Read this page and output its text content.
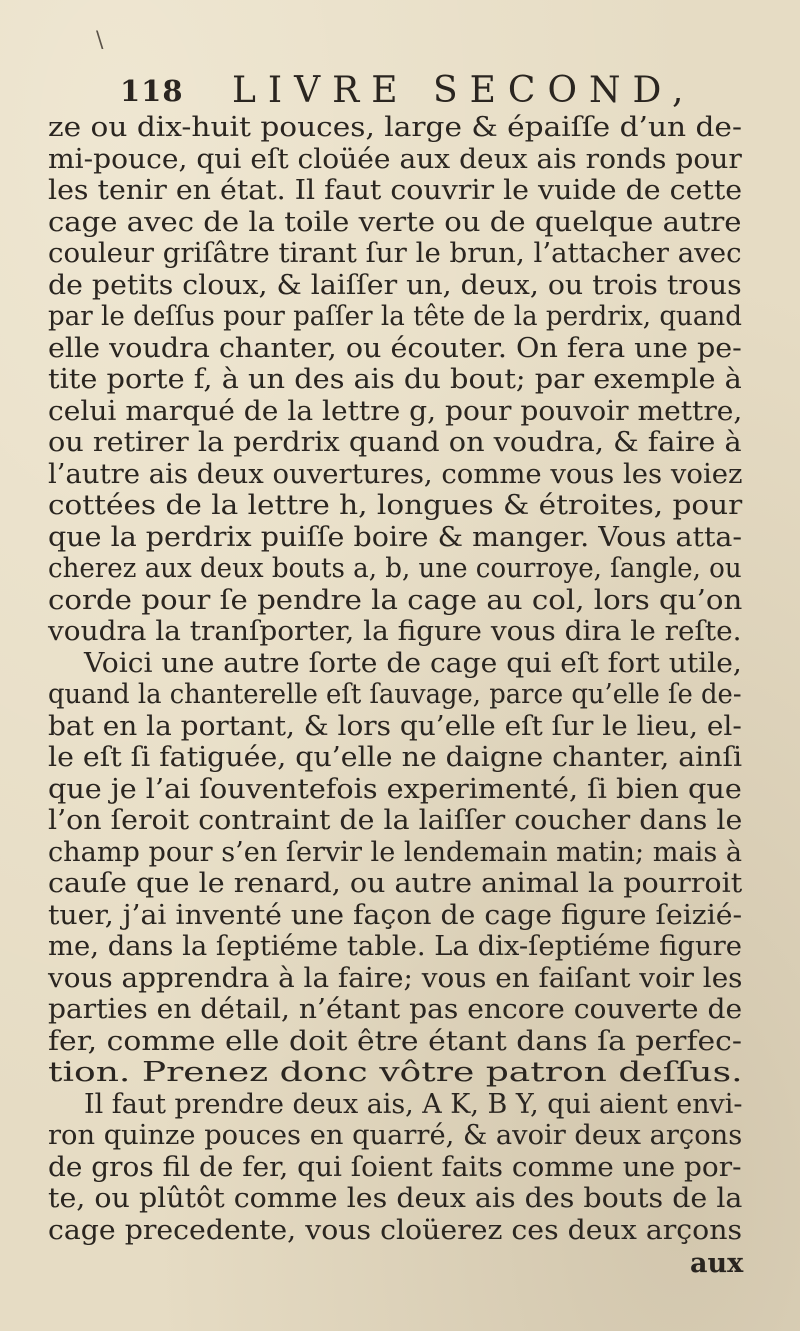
\
118 LIVRE SECOND,
ze ou dix-huit pouces, large & épaiſſe d’un de-
mi-pouce, qui eſt cloüée aux deux ais ronds pour
les tenir en état. Il faut couvrir le vuide de cette
cage avec de la toile verte ou de quelque autre
couleur griſâtre tirant ſur le brun, l’attacher avec
de petits cloux, & laiſſer un, deux, ou trois trous
par le deſſus pour paſſer la tête de la perdrix, quand
elle voudra chanter, ou écouter. On fera une pe-
tite porte f, à un des ais du bout; par exemple à
celui marqué de la lettre g, pour pouvoir mettre,
ou retirer la perdrix quand on voudra, & faire à
l’autre ais deux ouvertures, comme vous les voiez
cottées de la lettre h, longues & étroites, pour
que la perdrix puiſſe boire & manger. Vous atta-
cherez aux deux bouts a, b, une courroye, ſangle, ou
corde pour ſe pendre la cage au col, lors qu’on
voudra la tranſporter, la figure vous dira le reſte.
Voici une autre ſorte de cage qui eſt fort utile,
quand la chanterelle eſt ſauvage, parce qu’elle ſe de-
bat en la portant, & lors qu’elle eſt ſur le lieu, el-
le eſt ſi fatiguée, qu’elle ne daigne chanter, ainſi
que je l’ai ſouventefois experimenté, ſi bien que
l’on ſeroit contraint de la laiſſer coucher dans le
champ pour s’en ſervir le lendemain matin; mais à
cauſe que le renard, ou autre animal la pourroit
tuer, j’ai inventé une façon de cage figure ſeizié-
me, dans la ſeptiéme table. La dix-ſeptiéme figure
vous apprendra à la faire; vous en faiſant voir les
parties en détail, n’étant pas encore couverte de
fer, comme elle doit être étant dans ſa perfec-
tion. Prenez donc vôtre patron deſſus.
Il faut prendre deux ais, A K, B Y, qui aient envi-
ron quinze pouces en quarré, & avoir deux arçons
de gros fil de fer, qui ſoient faits comme une por-
te, ou plûtôt comme les deux ais des bouts de la
cage precedente, vous cloüerez ces deux arçons
aux
